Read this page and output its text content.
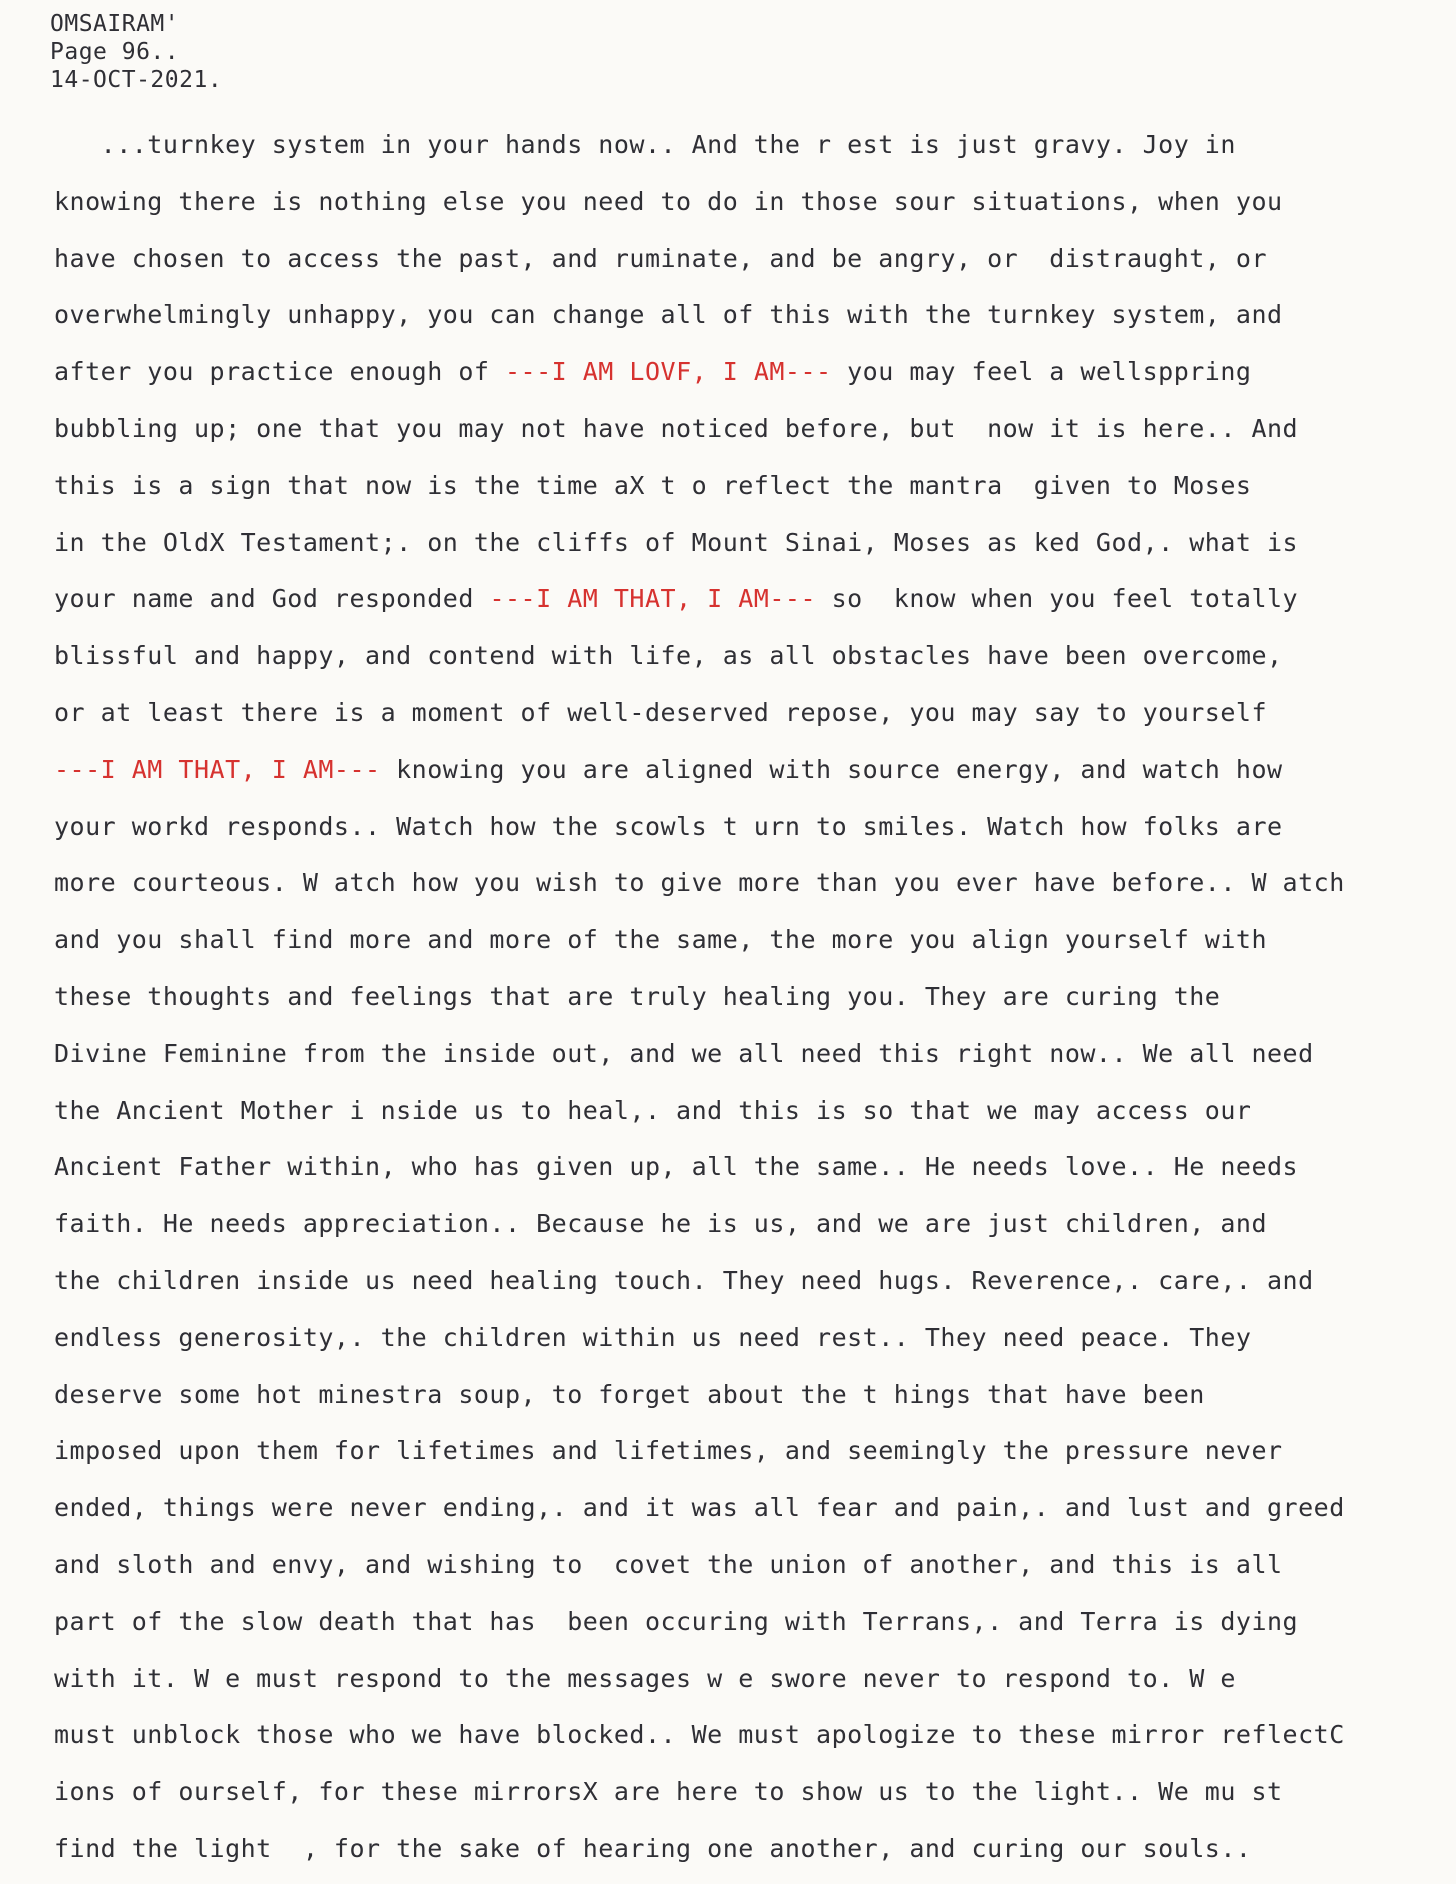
OMSAIRAM'
Page 96..
14-OCT-2021.
...turnkey system in your hands now.. And the r est is just gravy. Joy in
knowing there is nothing else you need to do in those sour situations, when you
have chosen to access the past, and ruminate, and be angry, or  distraught, or
overwhelmingly unhappy, you can change all of this with the turnkey system, and
after you practice enough of ---I AM LOVF, I AM--- you may feel a wellsppring
bubbling up; one that you may not have noticed before, but  now it is here.. And
this is a sign that now is the time aX t o reflect the mantra  given to Moses
in the OldX Testament;. on the cliffs of Mount Sinai, Moses as ked God,. what is
your name and God responded ---I AM THAT, I AM--- so  know when you feel totally
blissful and happy, and contend with life, as all obstacles have been overcome,
or at least there is a moment of well-deserved repose, you may say to yourself
---I AM THAT, I AM--- knowing you are aligned with source energy, and watch how
your workd responds.. Watch how the scowls t urn to smiles. Watch how folks are
more courteous. W atch how you wish to give more than you ever have before.. W atch
and you shall find more and more of the same, the more you align yourself with
these thoughts and feelings that are truly healing you. They are curing the
Divine Feminine from the inside out, and we all need this right now.. We all need
the Ancient Mother i nside us to heal,. and this is so that we may access our
Ancient Father within, who has given up, all the same.. He needs love.. He needs
faith. He needs appreciation.. Because he is us, and we are just children, and
the children inside us need healing touch. They need hugs. Reverence,. care,. and
endless generosity,. the children within us need rest.. They need peace. They
deserve some hot minestra soup, to forget about the t hings that have been
imposed upon them for lifetimes and lifetimes, and seemingly the pressure never
ended, things were never ending,. and it was all fear and pain,. and lust and greed
and sloth and envy, and wishing to  covet the union of another, and this is all
part of the slow death that has  been occuring with Terrans,. and Terra is dying
with it. W e must respond to the messages w e swore never to respond to. W e
must unblock those who we have blocked.. We must apologize to these mirror reflectC
ions of ourself, for these mirrorsX are here to show us to the light.. We mu st
find the light  , for the sake of hearing one another, and curing our souls..
